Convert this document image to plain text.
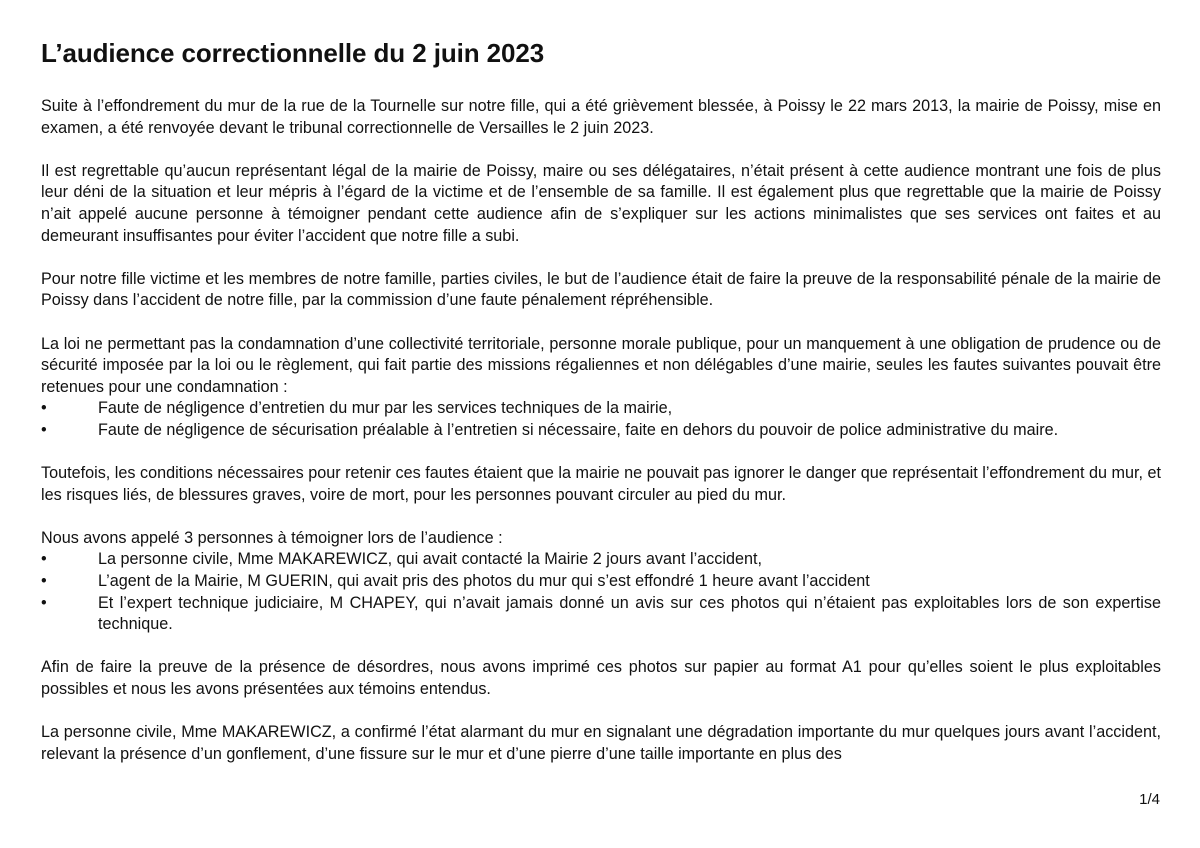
L’audience correctionnelle du 2 juin 2023

Suite à l’effondrement du mur de la rue de la Tournelle sur notre fille, qui a été grièvement blessée, à Poissy le 22 mars 2013, la mairie de Poissy, mise en examen, a été renvoyée devant le tribunal correctionnelle de Versailles le 2 juin 2023.

Il est regrettable qu’aucun représentant légal de la mairie de Poissy, maire ou ses délégataires, n’était présent à cette audience montrant une fois de plus leur déni de la situation et leur mépris à l’égard de la victime et de l’ensemble de sa famille. Il est également plus que regrettable que la mairie de Poissy n’ait appelé aucune personne à témoigner pendant cette audience afin de s’expliquer sur les actions minimalistes que ses services ont faites et au demeurant insuffisantes pour éviter l’accident que notre fille a subi.

Pour notre fille victime et les membres de notre famille, parties civiles, le but de l’audience était de faire la preuve de la responsabilité pénale de la mairie de Poissy dans l’accident de notre fille, par la commission d’une faute pénalement répréhensible.

La loi ne permettant pas la condamnation d’une collectivité territoriale, personne morale publique, pour un manquement à une obligation de prudence ou de sécurité imposée par la loi ou le règlement, qui fait partie des missions régaliennes et non délégables d’une mairie, seules les fautes suivantes pouvait être retenues pour une condamnation :

•	Faute de négligence d’entretien du mur par les services techniques de la mairie,
•	Faute de négligence de sécurisation préalable à l’entretien si nécessaire, faite en dehors du pouvoir de police administrative du maire.

Toutefois, les conditions nécessaires pour retenir ces fautes étaient que la mairie ne pouvait pas ignorer le danger que représentait l’effondrement du mur, et les risques liés, de blessures graves, voire de mort, pour les personnes pouvant circuler au pied du mur.

Nous avons appelé 3 personnes à témoigner lors de l’audience :

•	La personne civile, Mme MAKAREWICZ, qui avait contacté la Mairie 2 jours avant l’accident,
•	L’agent de la Mairie, M GUERIN, qui avait pris des photos du mur qui s’est effondré 1 heure avant l’accident
•	Et l’expert technique judiciaire, M CHAPEY, qui n’avait jamais donné un avis sur ces photos qui n’étaient pas exploitables lors de son expertise technique.

Afin de faire la preuve de la présence de désordres, nous avons imprimé ces photos sur papier au format A1 pour qu’elles soient le plus exploitables possibles et nous les avons présentées aux témoins entendus.

La personne civile, Mme MAKAREWICZ, a confirmé l’état alarmant du mur en signalant une dégradation importante du mur quelques jours avant l’accident, relevant la présence d’un gonflement, d’une fissure sur le mur et d’une pierre d’une taille importante en plus des

1/4
